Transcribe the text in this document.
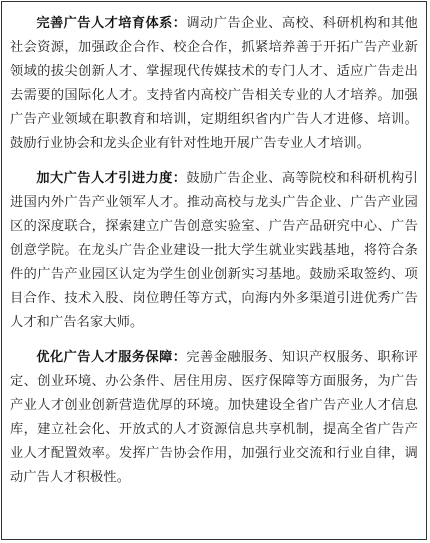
完善广告人才培育体系：调动广告企业、高校、科研机构和其他社会资源，加强政企合作、校企合作，抓紧培养善于开拓广告产业新领域的拔尖创新人才、掌握现代传媒技术的专门人才、适应广告走出去需要的国际化人才。支持省内高校广告相关专业的人才培养。加强广告产业领域在职教育和培训，定期组织省内广告人才进修、培训。鼓励行业协会和龙头企业有针对性地开展广告专业人才培训。

加大广告人才引进力度：鼓励广告企业、高等院校和科研机构引进国内外广告产业领军人才。推动高校与龙头广告企业、广告产业园区的深度联合，探索建立广告创意实验室、广告产品研究中心、广告创意学院。在龙头广告企业建设一批大学生就业实践基地，将符合条件的广告产业园区认定为学生创业创新实习基地。鼓励采取签约、项目合作、技术入股、岗位聘任等方式，向海内外多渠道引进优秀广告人才和广告名家大师。

优化广告人才服务保障：完善金融服务、知识产权服务、职称评定、创业环境、办公条件、居住用房、医疗保障等方面服务，为广告产业人才创业创新营造优厚的环境。加快建设全省广告产业人才信息库，建立社会化、开放式的人才资源信息共享机制，提高全省广告产业人才配置效率。发挥广告协会作用，加强行业交流和行业自律，调动广告人才积极性。
